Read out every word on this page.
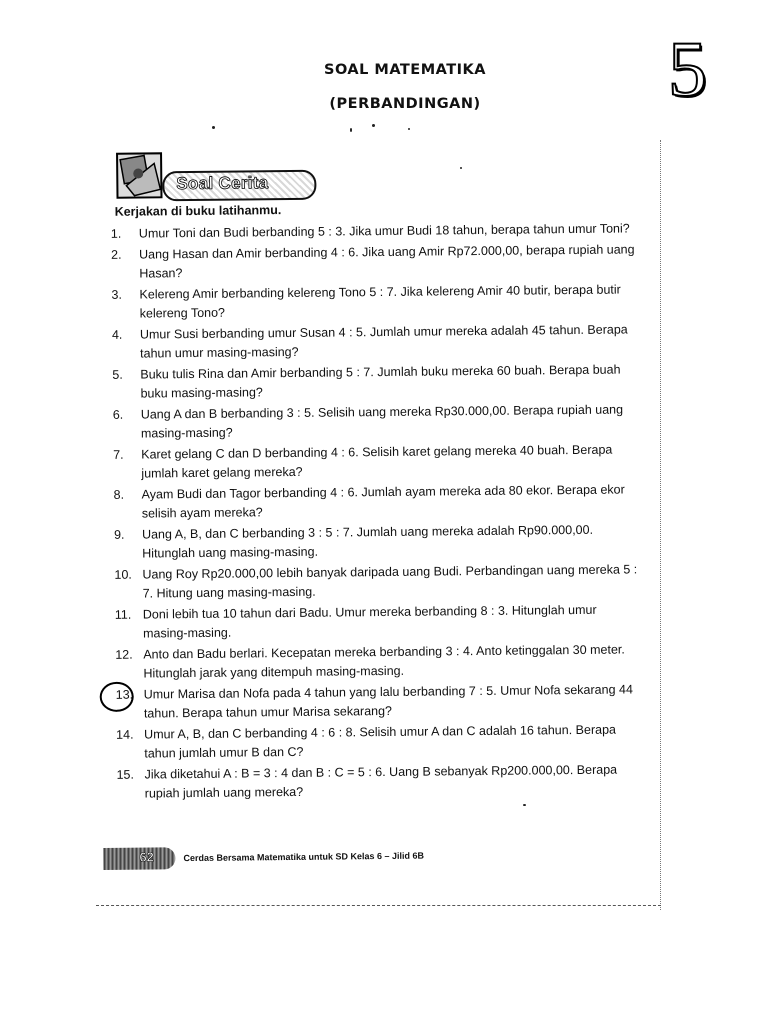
SOAL MATEMATIKA
(PERBANDINGAN)	5
Soal Cerita
Kerjakan di buku latihanmu.
1. Umur Toni dan Budi berbanding 5 : 3. Jika umur Budi 18 tahun, berapa tahun umur Toni?
2. Uang Hasan dan Amir berbanding 4 : 6. Jika uang Amir Rp72.000,00, berapa rupiah uang Hasan?
3. Kelereng Amir berbanding kelereng Tono 5 : 7. Jika kelereng Amir 40 butir, berapa butir kelereng Tono?
4. Umur Susi berbanding umur Susan 4 : 5. Jumlah umur mereka adalah 45 tahun. Berapa tahun umur masing-masing?
5. Buku tulis Rina dan Amir berbanding 5 : 7. Jumlah buku mereka 60 buah. Berapa buah buku masing-masing?
6. Uang A dan B berbanding 3 : 5. Selisih uang mereka Rp30.000,00. Berapa rupiah uang masing-masing?
7. Karet gelang C dan D berbanding 4 : 6. Selisih karet gelang mereka 40 buah. Berapa jumlah karet gelang mereka?
8. Ayam Budi dan Tagor berbanding 4 : 6. Jumlah ayam mereka ada 80 ekor. Berapa ekor selisih ayam mereka?
9. Uang A, B, dan C berbanding 3 : 5 : 7. Jumlah uang mereka adalah Rp90.000,00. Hitunglah uang masing-masing.
10. Uang Roy Rp20.000,00 lebih banyak daripada uang Budi. Perbandingan uang mereka 5 : 7. Hitung uang masing-masing.
11. Doni lebih tua 10 tahun dari Badu. Umur mereka berbanding 8 : 3. Hitunglah umur masing-masing.
12. Anto dan Badu berlari. Kecepatan mereka berbanding 3 : 4. Anto ketinggalan 30 meter. Hitunglah jarak yang ditempuh masing-masing.
13. Umur Marisa dan Nofa pada 4 tahun yang lalu berbanding 7 : 5. Umur Nofa sekarang 44 tahun. Berapa tahun umur Marisa sekarang?
14. Umur A, B, dan C berbanding 4 : 6 : 8. Selisih umur A dan C adalah 16 tahun. Berapa tahun jumlah umur B dan C?
15. Jika diketahui A : B = 3 : 4 dan B : C = 5 : 6. Uang B sebanyak Rp200.000,00. Berapa rupiah jumlah uang mereka?
62	Cerdas Bersama Matematika untuk SD Kelas 6 – Jilid 6B
